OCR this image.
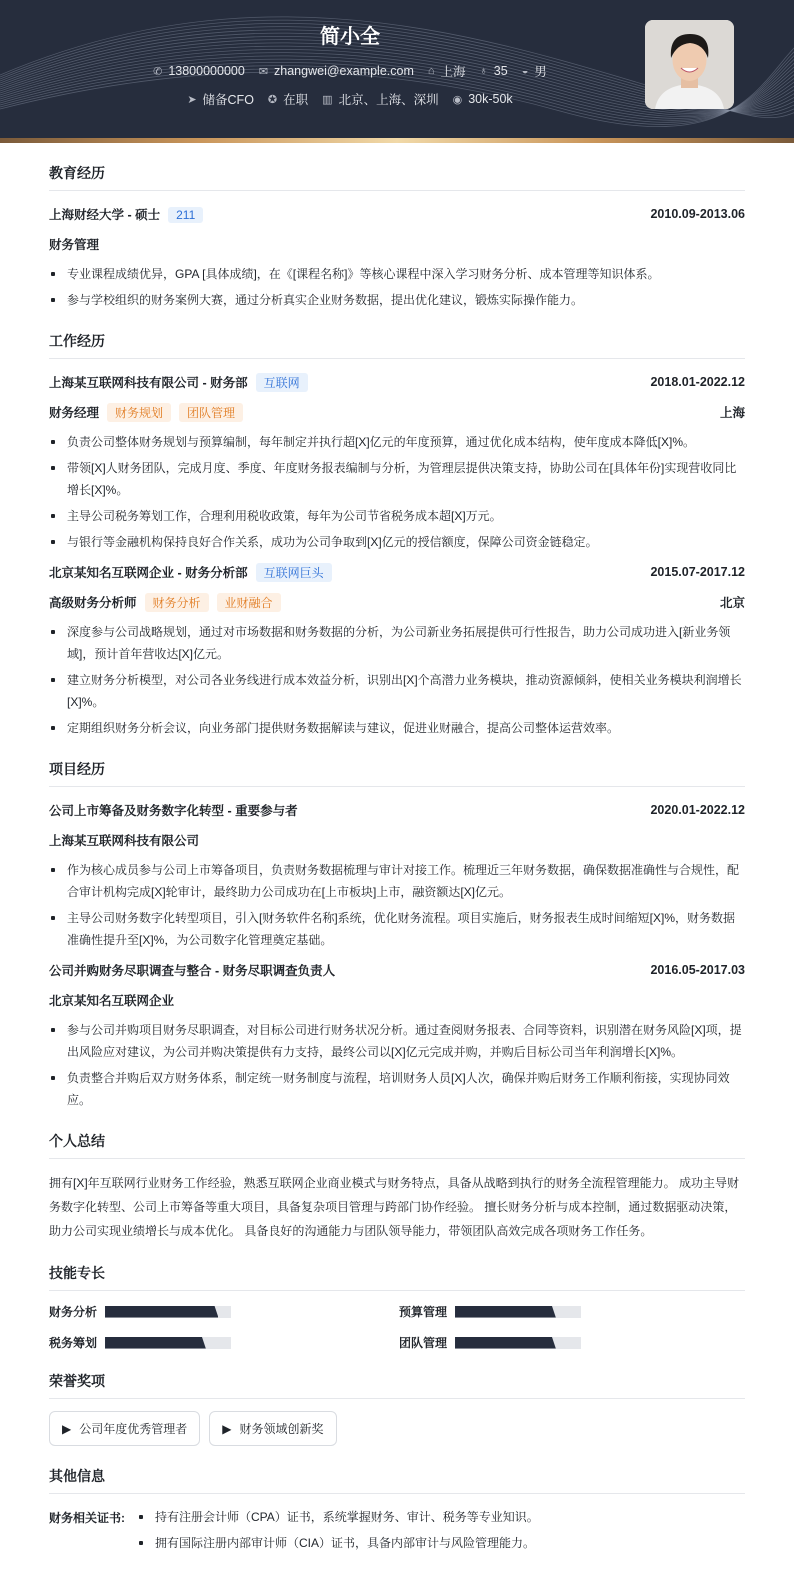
简小全
✆ 13800000000 ✉ zhangwei@example.com ⌂ 上海 ♁ 35 ◒ 男
➤ 储备CFO ✪ 在职 ▥ 北京、上海、深圳 ◉ 30k-50k
教育经历
上海财经大学 - 硕士 211	2010.09-2013.06
财务管理
专业课程成绩优异，GPA [具体成绩]，在《[课程名称]》等核心课程中深入学习财务分析、成本管理等知识体系。
参与学校组织的财务案例大赛，通过分析真实企业财务数据，提出优化建议，锻炼实际操作能力。
工作经历
上海某互联网科技有限公司 - 财务部 互联网	2018.01-2022.12
财务经理 财务规划 团队管理	上海
负责公司整体财务规划与预算编制，每年制定并执行超[X]亿元的年度预算，通过优化成本结构，使年度成本降低[X]%。
带领[X]人财务团队，完成月度、季度、年度财务报表编制与分析，为管理层提供决策支持，协助公司在[具体年份]实现营收同比增长[X]%。
主导公司税务筹划工作，合理利用税收政策，每年为公司节省税务成本超[X]万元。
与银行等金融机构保持良好合作关系，成功为公司争取到[X]亿元的授信额度，保障公司资金链稳定。
北京某知名互联网企业 - 财务分析部 互联网巨头	2015.07-2017.12
高级财务分析师 财务分析 业财融合	北京
深度参与公司战略规划，通过对市场数据和财务数据的分析，为公司新业务拓展提供可行性报告，助力公司成功进入[新业务领域]，预计首年营收达[X]亿元。
建立财务分析模型，对公司各业务线进行成本效益分析，识别出[X]个高潜力业务模块，推动资源倾斜，使相关业务模块利润增长[X]%。
定期组织财务分析会议，向业务部门提供财务数据解读与建议，促进业财融合，提高公司整体运营效率。
项目经历
公司上市筹备及财务数字化转型 - 重要参与者	2020.01-2022.12
上海某互联网科技有限公司
作为核心成员参与公司上市筹备项目，负责财务数据梳理与审计对接工作。梳理近三年财务数据，确保数据准确性与合规性，配合审计机构完成[X]轮审计，最终助力公司成功在[上市板块]上市，融资额达[X]亿元。
主导公司财务数字化转型项目，引入[财务软件名称]系统，优化财务流程。项目实施后，财务报表生成时间缩短[X]%，财务数据准确性提升至[X]%，为公司数字化管理奠定基础。
公司并购财务尽职调查与整合 - 财务尽职调查负责人	2016.05-2017.03
北京某知名互联网企业
参与公司并购项目财务尽职调查，对目标公司进行财务状况分析。通过查阅财务报表、合同等资料，识别潜在财务风险[X]项，提出风险应对建议，为公司并购决策提供有力支持，最终公司以[X]亿元完成并购，并购后目标公司当年利润增长[X]%。
负责整合并购后双方财务体系，制定统一财务制度与流程，培训财务人员[X]人次，确保并购后财务工作顺利衔接，实现协同效应。
个人总结
拥有[X]年互联网行业财务工作经验，熟悉互联网企业商业模式与财务特点，具备从战略到执行的财务全流程管理能力。 成功主导财务数字化转型、公司上市筹备等重大项目，具备复杂项目管理与跨部门协作经验。 擅长财务分析与成本控制，通过数据驱动决策，助力公司实现业绩增长与成本优化。 具备良好的沟通能力与团队领导能力，带领团队高效完成各项财务工作任务。
技能专长
财务分析	预算管理
税务筹划	团队管理
荣誉奖项
▶ 公司年度优秀管理者	▶ 财务领域创新奖
其他信息
财务相关证书:	持有注册会计师（CPA）证书，系统掌握财务、审计、税务等专业知识。
拥有国际注册内部审计师（CIA）证书，具备内部审计与风险管理能力。
